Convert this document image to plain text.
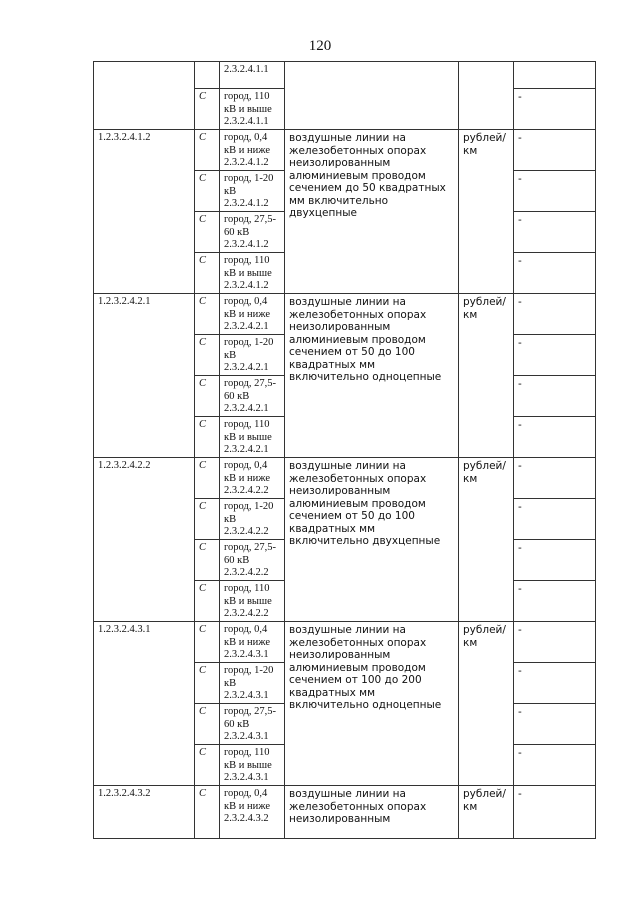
120
		2.3.2.4.1.1			
	С	город, 110 кВ и выше 2.3.2.4.1.1			-
1.2.3.2.4.1.2	С	город, 0,4 кВ и ниже 2.3.2.4.1.2	воздушные линии на железобетонных опорах неизолированным алюминиевым проводом сечением до 50 квадратных мм включительно двухцепные	рублей/ км	-
	С	город, 1-20 кВ 2.3.2.4.1.2			-
	С	город, 27,5-60 кВ 2.3.2.4.1.2			-
	С	город, 110 кВ и выше 2.3.2.4.1.2			-
1.2.3.2.4.2.1	С	город, 0,4 кВ и ниже 2.3.2.4.2.1	воздушные линии на железобетонных опорах неизолированным алюминиевым проводом сечением от 50 до 100 квадратных мм включительно одноцепные	рублей/ км	-
	С	город, 1-20 кВ 2.3.2.4.2.1			-
	С	город, 27,5-60 кВ 2.3.2.4.2.1			-
	С	город, 110 кВ и выше 2.3.2.4.2.1			-
1.2.3.2.4.2.2	С	город, 0,4 кВ и ниже 2.3.2.4.2.2	воздушные линии на железобетонных опорах неизолированным алюминиевым проводом сечением от 50 до 100 квадратных мм включительно двухцепные	рублей/ км	-
	С	город, 1-20 кВ 2.3.2.4.2.2			-
	С	город, 27,5-60 кВ 2.3.2.4.2.2			-
	С	город, 110 кВ и выше 2.3.2.4.2.2			-
1.2.3.2.4.3.1	С	город, 0,4 кВ и ниже 2.3.2.4.3.1	воздушные линии на железобетонных опорах неизолированным алюминиевым проводом сечением от 100 до 200 квадратных мм включительно одноцепные	рублей/ км	-
	С	город, 1-20 кВ 2.3.2.4.3.1			-
	С	город, 27,5-60 кВ 2.3.2.4.3.1			-
	С	город, 110 кВ и выше 2.3.2.4.3.1			-
1.2.3.2.4.3.2	С	город, 0,4 кВ и ниже 2.3.2.4.3.2	воздушные линии на железобетонных опорах неизолированным	рублей/ км	-
